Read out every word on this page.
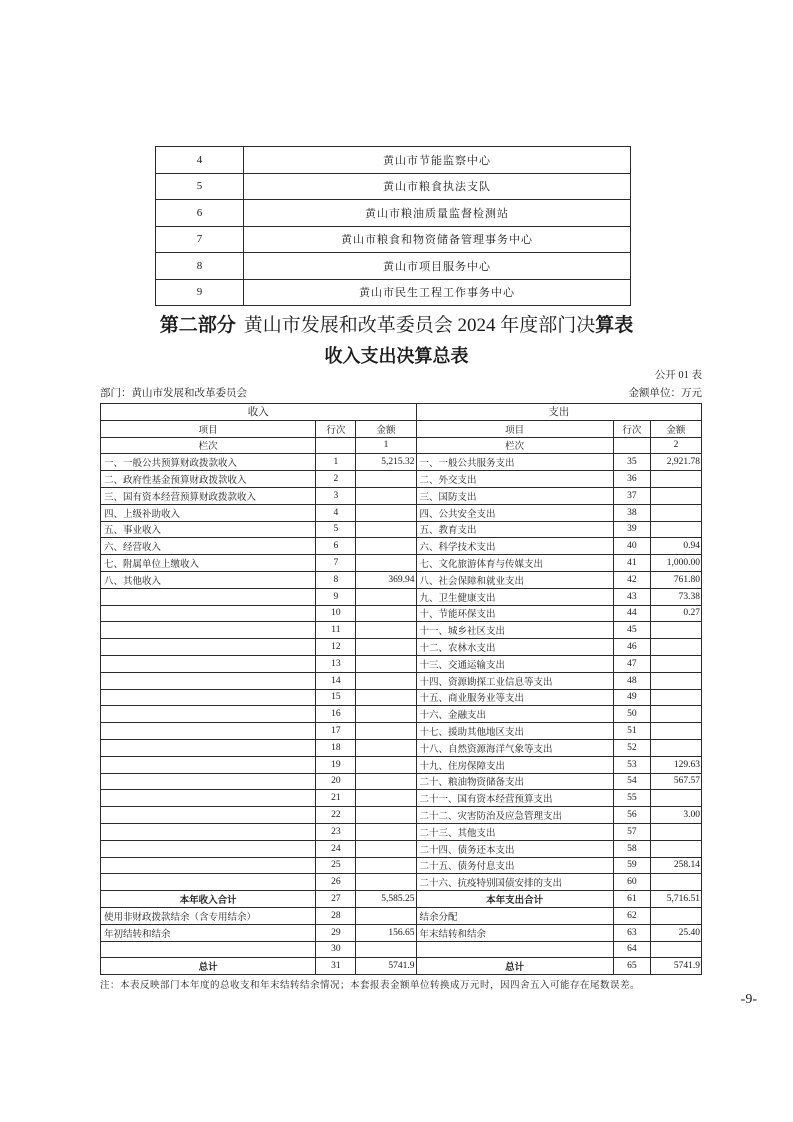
4	黄山市节能监察中心
5	黄山市粮食执法支队
6	黄山市粮油质量监督检测站
7	黄山市粮食和物资储备管理事务中心
8	黄山市项目服务中心
9	黄山市民生工程工作事务中心
第二部分 黄山市发展和改革委员会 2024 年度部门决算表
收入支出决算总表
公开 01 表
部门：黄山市发展和改革委员会	金额单位：万元
收入			支出		
项目	行次	金额	项目	行次	金额
栏次		1	栏次		2
一、一般公共预算财政拨款收入	1	5,215.32	一、一般公共服务支出	35	2,921.78
二、政府性基金预算财政拨款收入	2		二、外交支出	36	
三、国有资本经营预算财政拨款收入	3		三、国防支出	37	
四、上级补助收入	4		四、公共安全支出	38	
五、事业收入	5		五、教育支出	39	
六、经营收入	6		六、科学技术支出	40	0.94
七、附属单位上缴收入	7		七、文化旅游体育与传媒支出	41	1,000.00
八、其他收入	8	369.94	八、社会保障和就业支出	42	761.80
	9		九、卫生健康支出	43	73.38
	10		十、节能环保支出	44	0.27
	11		十一、城乡社区支出	45	
	12		十二、农林水支出	46	
	13		十三、交通运输支出	47	
	14		十四、资源勘探工业信息等支出	48	
	15		十五、商业服务业等支出	49	
	16		十六、金融支出	50	
	17		十七、援助其他地区支出	51	
	18		十八、自然资源海洋气象等支出	52	
	19		十九、住房保障支出	53	129.63
	20		二十、粮油物资储备支出	54	567.57
	21		二十一、国有资本经营预算支出	55	
	22		二十二、灾害防治及应急管理支出	56	3.00
	23		二十三、其他支出	57	
	24		二十四、债务还本支出	58	
	25		二十五、债务付息支出	59	258.14
	26		二十六、抗疫特别国债安排的支出	60	
本年收入合计	27	5,585.25	本年支出合计	61	5,716.51
使用非财政拨款结余（含专用结余）	28		结余分配	62	
年初结转和结余	29	156.65	年末结转和结余	63	25.40
	30			64	
总计	31	5741.9	总计	65	5741.9
注：本表反映部门本年度的总收支和年末结转结余情况；本套报表金额单位转换成万元时，因四舍五入可能存在尾数误差。
-9-
